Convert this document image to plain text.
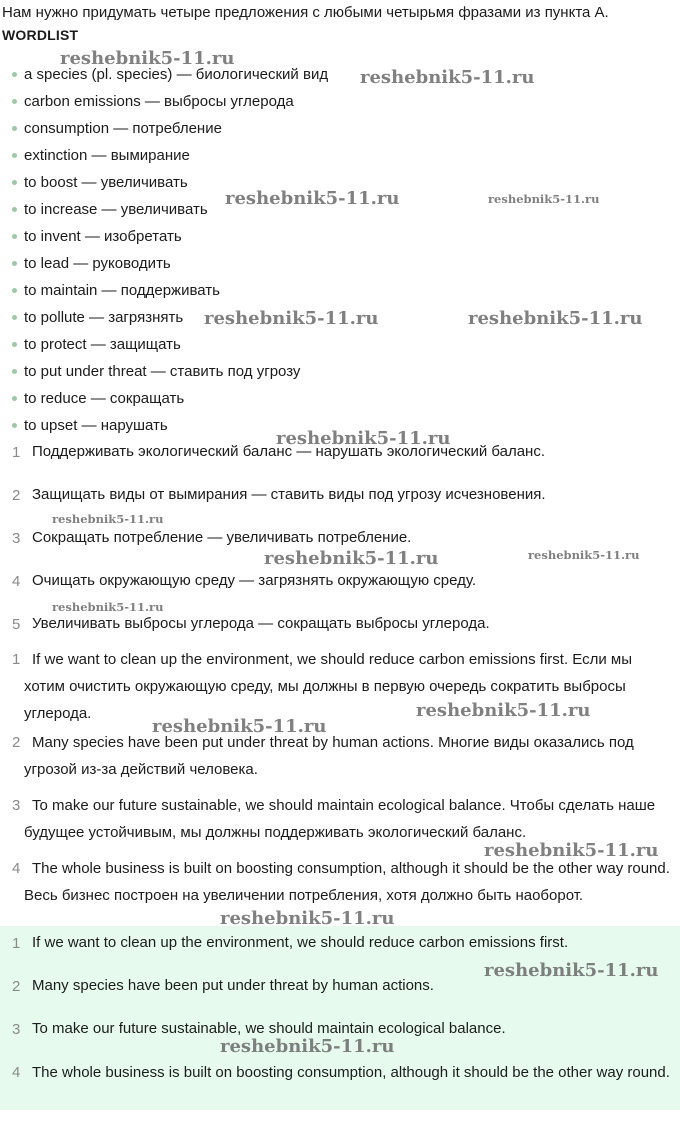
Нам нужно придумать четыре предложения с любыми четырьмя фразами из пункта A.
WORDLIST
a species (pl. species) — биологический вид
carbon emissions — выбросы углерода
consumption — потребление
extinction — вымирание
to boost — увеличивать
to increase — увеличивать
to invent — изобретать
to lead — руководить
to maintain — поддерживать
to pollute — загрязнять
to protect — защищать
to put under threat — ставить под угрозу
to reduce — сокращать
to upset — нарушать
1 Поддерживать экологический баланс — нарушать экологический баланс.
2 Защищать виды от вымирания — ставить виды под угрозу исчезновения.
3 Сокращать потребление — увеличивать потребление.
4 Очищать окружающую среду — загрязнять окружающую среду.
5 Увеличивать выбросы углерода — сокращать выбросы углерода.
1 If we want to clean up the environment, we should reduce carbon emissions first. Если мы хотим очистить окружающую среду, мы должны в первую очередь сократить выбросы углерода.
2 Many species have been put under threat by human actions. Многие виды оказались под угрозой из-за действий человека.
3 To make our future sustainable, we should maintain ecological balance. Чтобы сделать наше будущее устойчивым, мы должны поддерживать экологический баланс.
4 The whole business is built on boosting consumption, although it should be the other way round. Весь бизнес построен на увеличении потребления, хотя должно быть наоборот.
1 If we want to clean up the environment, we should reduce carbon emissions first.
2 Many species have been put under threat by human actions.
3 To make our future sustainable, we should maintain ecological balance.
4 The whole business is built on boosting consumption, although it should be the other way round.
reshebnik5-11.ru
reshebnik5-11.ru
reshebnik5-11.ru	reshebnik5-11.ru
reshebnik5-11.ru	reshebnik5-11.ru
reshebnik5-11.ru
reshebnik5-11.ru
reshebnik5-11.ru	reshebnik5-11.ru
reshebnik5-11.ru
reshebnik5-11.ru
reshebnik5-11.ru
reshebnik5-11.ru
reshebnik5-11.ru
reshebnik5-11.ru
reshebnik5-11.ru
